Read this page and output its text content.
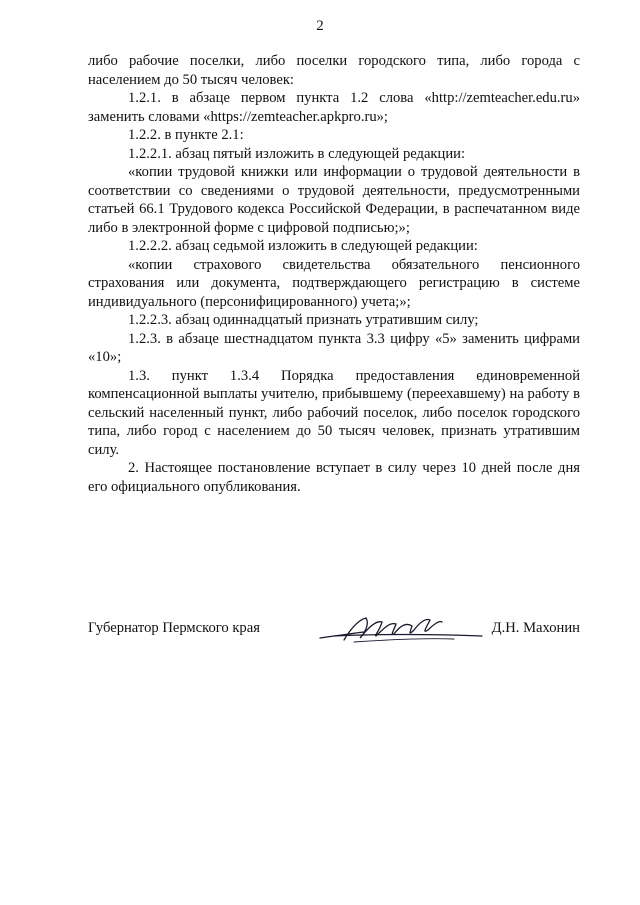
2

либо рабочие поселки, либо поселки городского типа, либо города с населением до 50 тысяч человек:

1.2.1. в абзаце первом пункта 1.2 слова «http://zemteacher.edu.ru» заменить словами «https://zemteacher.apkpro.ru»;

1.2.2. в пункте 2.1:

1.2.2.1. абзац пятый изложить в следующей редакции:

«копии трудовой книжки или информации о трудовой деятельности в соответствии со сведениями о трудовой деятельности, предусмотренными статьей 66.1 Трудового кодекса Российской Федерации, в распечатанном виде либо в электронной форме с цифровой подписью;»;

1.2.2.2. абзац седьмой изложить в следующей редакции:

«копии страхового свидетельства обязательного пенсионного страхования или документа, подтверждающего регистрацию в системе индивидуального (персонифицированного) учета;»;

1.2.2.3. абзац одиннадцатый признать утратившим силу;

1.2.3. в абзаце шестнадцатом пункта 3.3 цифру «5» заменить цифрами «10»;

1.3. пункт 1.3.4 Порядка предоставления единовременной компенсационной выплаты учителю, прибывшему (переехавшему) на работу в сельский населенный пункт, либо рабочий поселок, либо поселок городского типа, либо город с населением до 50 тысяч человек, признать утратившим силу.

2. Настоящее постановление вступает в силу через 10 дней после дня его официального опубликования.

Губернатор Пермского края	Д.Н. Махонин
